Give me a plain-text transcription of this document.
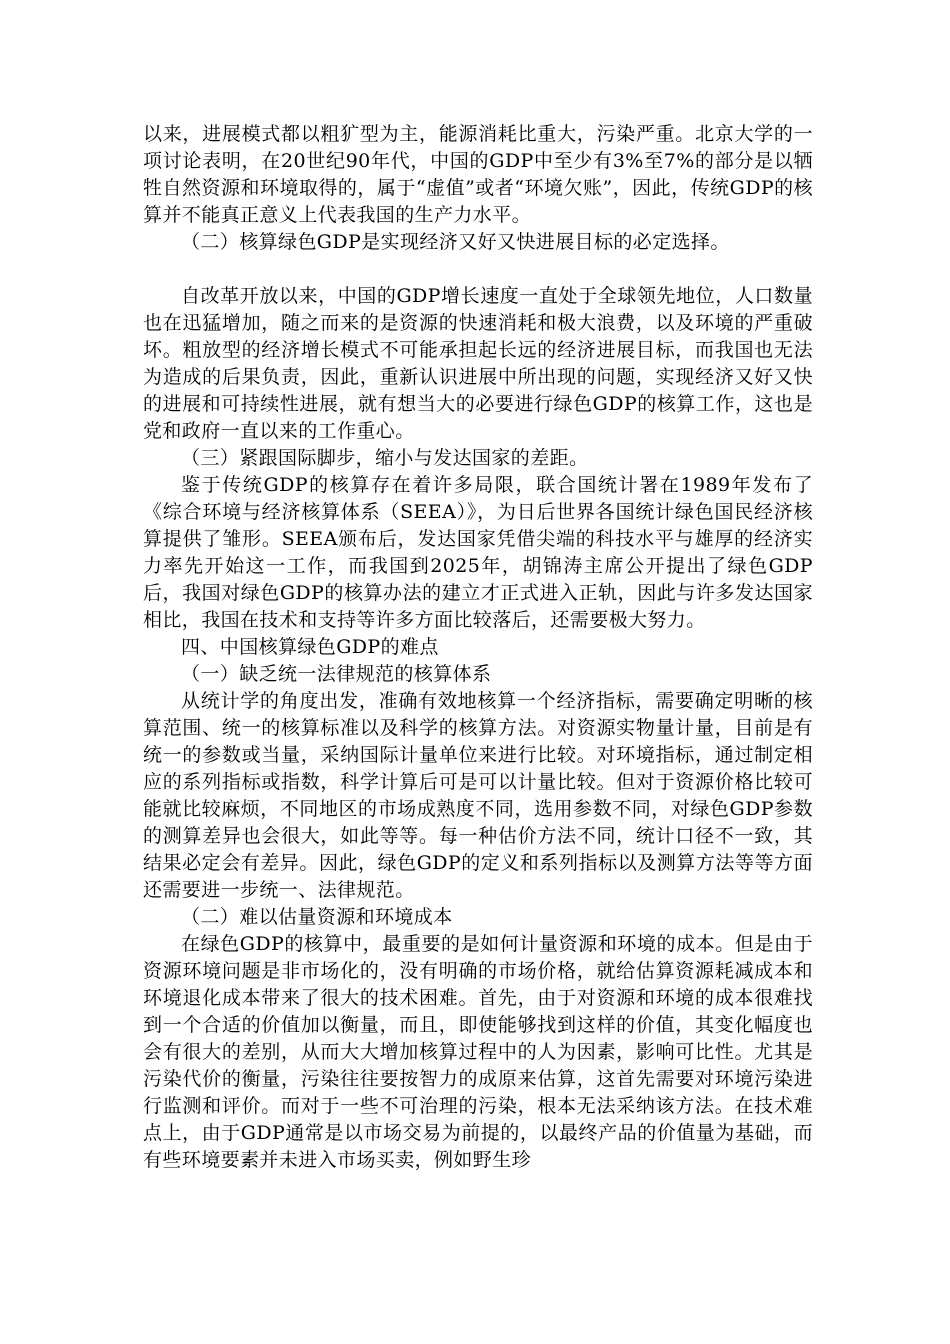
以来，进展模式都以粗犷型为主，能源消耗比重大，污染严重。北京大学的一项讨论表明，在20世纪90年代，中国的GDP中至少有3%至7%的部分是以牺牲自然资源和环境取得的，属于“虚值”或者“环境欠账”，因此，传统GDP的核算并不能真正意义上代表我国的生产力水平。

（二）核算绿色GDP是实现经济又好又快进展目标的必定选择。

自改革开放以来，中国的GDP增长速度一直处于全球领先地位，人口数量也在迅猛增加，随之而来的是资源的快速消耗和极大浪费，以及环境的严重破坏。粗放型的经济增长模式不可能承担起长远的经济进展目标，而我国也无法为造成的后果负责，因此，重新认识进展中所出现的问题，实现经济又好又快的进展和可持续性进展，就有想当大的必要进行绿色GDP的核算工作，这也是党和政府一直以来的工作重心。

（三）紧跟国际脚步，缩小与发达国家的差距。

鉴于传统GDP的核算存在着许多局限，联合国统计署在1989年发布了《综合环境与经济核算体系（SEEA）》，为日后世界各国统计绿色国民经济核算提供了雏形。SEEA颁布后，发达国家凭借尖端的科技水平与雄厚的经济实力率先开始这一工作，而我国到2025年，胡锦涛主席公开提出了绿色GDP后，我国对绿色GDP的核算办法的建立才正式进入正轨，因此与许多发达国家相比，我国在技术和支持等许多方面比较落后，还需要极大努力。

四、中国核算绿色GDP的难点

（一）缺乏统一法律规范的核算体系

从统计学的角度出发，准确有效地核算一个经济指标，需要确定明晰的核算范围、统一的核算标准以及科学的核算方法。对资源实物量计量，目前是有统一的参数或当量，采纳国际计量单位来进行比较。对环境指标，通过制定相应的系列指标或指数，科学计算后可是可以计量比较。但对于资源价格比较可能就比较麻烦，不同地区的市场成熟度不同，选用参数不同，对绿色GDP参数的测算差异也会很大，如此等等。每一种估价方法不同，统计口径不一致，其结果必定会有差异。因此，绿色GDP的定义和系列指标以及测算方法等等方面还需要进一步统一、法律规范。

（二）难以估量资源和环境成本

在绿色GDP的核算中，最重要的是如何计量资源和环境的成本。但是由于资源环境问题是非市场化的，没有明确的市场价格，就给估算资源耗减成本和环境退化成本带来了很大的技术困难。首先，由于对资源和环境的成本很难找到一个合适的价值加以衡量，而且，即使能够找到这样的价值，其变化幅度也会有很大的差别，从而大大增加核算过程中的人为因素，影响可比性。尤其是污染代价的衡量，污染往往要按智力的成原来估算，这首先需要对环境污染进行监测和评价。而对于一些不可治理的污染，根本无法采纳该方法。在技术难点上，由于GDP通常是以市场交易为前提的，以最终产品的价值量为基础，而有些环境要素并未进入市场买卖，例如野生珍
